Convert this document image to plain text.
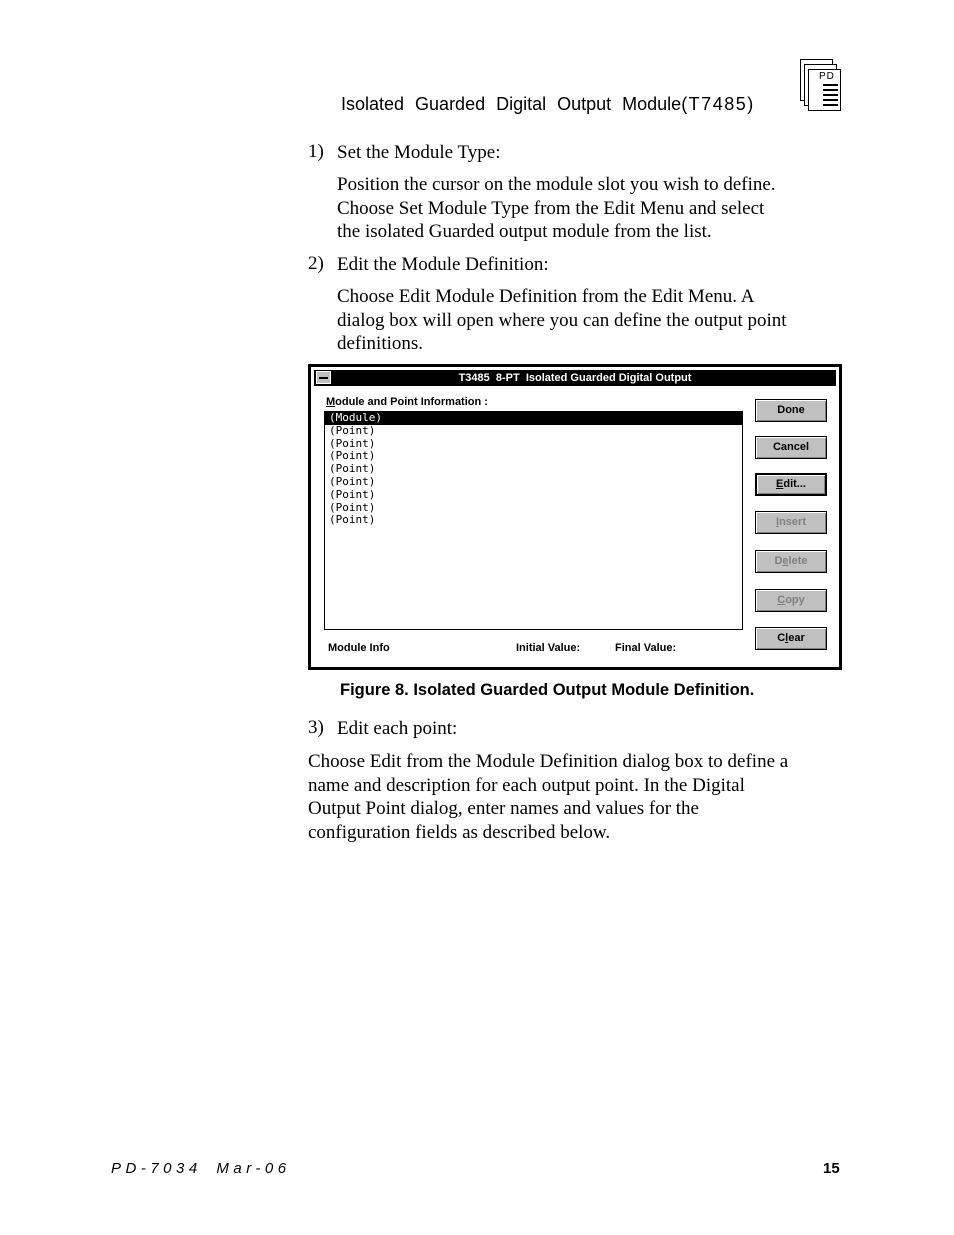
Isolated Guarded Digital Output Module(T7485)
PD
1) Set the Module Type:
Position the cursor on the module slot you wish to define.
Choose Set Module Type from the Edit Menu and select
the isolated Guarded output module from the list.
2) Edit the Module Definition:
Choose Edit Module Definition from the Edit Menu. A
dialog box will open where you can define the output point
definitions.
T3485  8-PT  Isolated Guarded Digital Output
Module and Point Information :
(Module)
(Point)
(Point)
(Point)
(Point)
(Point)
(Point)
(Point)
(Point)
Done
Cancel
Edit...
Insert
Delete
Copy
Clear
Module Info	Initial Value:	Final Value:
Figure 8. Isolated Guarded Output Module Definition.
3) Edit each point:
Choose Edit from the Module Definition dialog box to define a
name and description for each output point. In the Digital
Output Point dialog, enter names and values for the
configuration fields as described below.
PD-7034 Mar-06	15
